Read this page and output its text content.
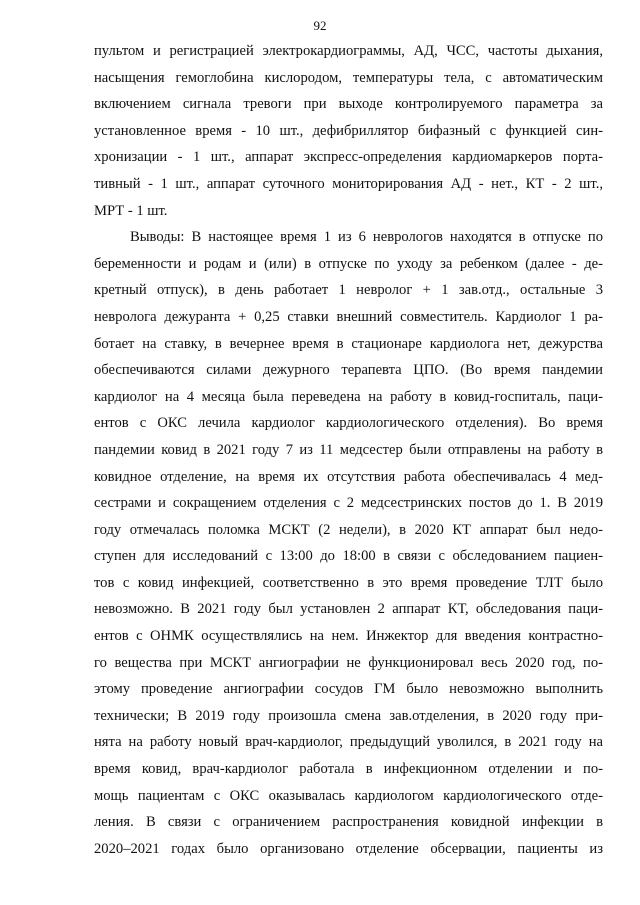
92
пультом и регистрацией электрокардиограммы, АД, ЧСС, частоты дыхания,
насыщения гемоглобина кислородом, температуры тела, с автоматическим
включением сигнала тревоги при выходе контролируемого параметра за
установленное время - 10 шт., дефибриллятор бифазный с функцией син-
хронизации - 1 шт., аппарат экспресс-определения кардиомаркеров порта-
тивный - 1 шт., аппарат суточного мониторирования АД - нет., КТ - 2 шт.,
МРТ - 1 шт.
Выводы: В настоящее время 1 из 6 неврологов находятся в отпуске по
беременности и родам и (или) в отпуске по уходу за ребенком (далее - де-
кретный отпуск), в день работает 1 невролог + 1 зав.отд., остальные 3
невролога дежуранта + 0,25 ставки внешний совместитель. Кардиолог 1 ра-
ботает на ставку, в вечернее время в стационаре кардиолога нет, дежурства
обеспечиваются силами дежурного терапевта ЦПО. (Во время пандемии
кардиолог на 4 месяца была переведена на работу в ковид-госпиталь, паци-
ентов с ОКС лечила кардиолог кардиологического отделения). Во время
пандемии ковид в 2021 году 7 из 11 медсестер были отправлены на работу в
ковидное отделение, на время их отсутствия работа обеспечивалась 4 мед-
сестрами и сокращением отделения с 2 медсестринских постов до 1. В 2019
году отмечалась поломка МСКТ (2 недели), в 2020 КТ аппарат был недо-
ступен для исследований с 13:00 до 18:00 в связи с обследованием пациен-
тов с ковид инфекцией, соответственно в это время проведение ТЛТ было
невозможно. В 2021 году был установлен 2 аппарат КТ, обследования паци-
ентов с ОНМК осуществлялись на нем. Инжектор для введения контрастно-
го вещества при МСКТ ангиографии не функционировал весь 2020 год, по-
этому проведение ангиографии сосудов ГМ было невозможно выполнить
технически; В 2019 году произошла смена зав.отделения, в 2020 году при-
нята на работу новый врач-кардиолог, предыдущий уволился, в 2021 году на
время ковид, врач-кардиолог работала в инфекционном отделении и по-
мощь пациентам с ОКС оказывалась кардиологом кардиологического отде-
ления. В связи с ограничением распространения ковидной инфекции в
2020–2021 годах было организовано отделение обсервации, пациенты из
